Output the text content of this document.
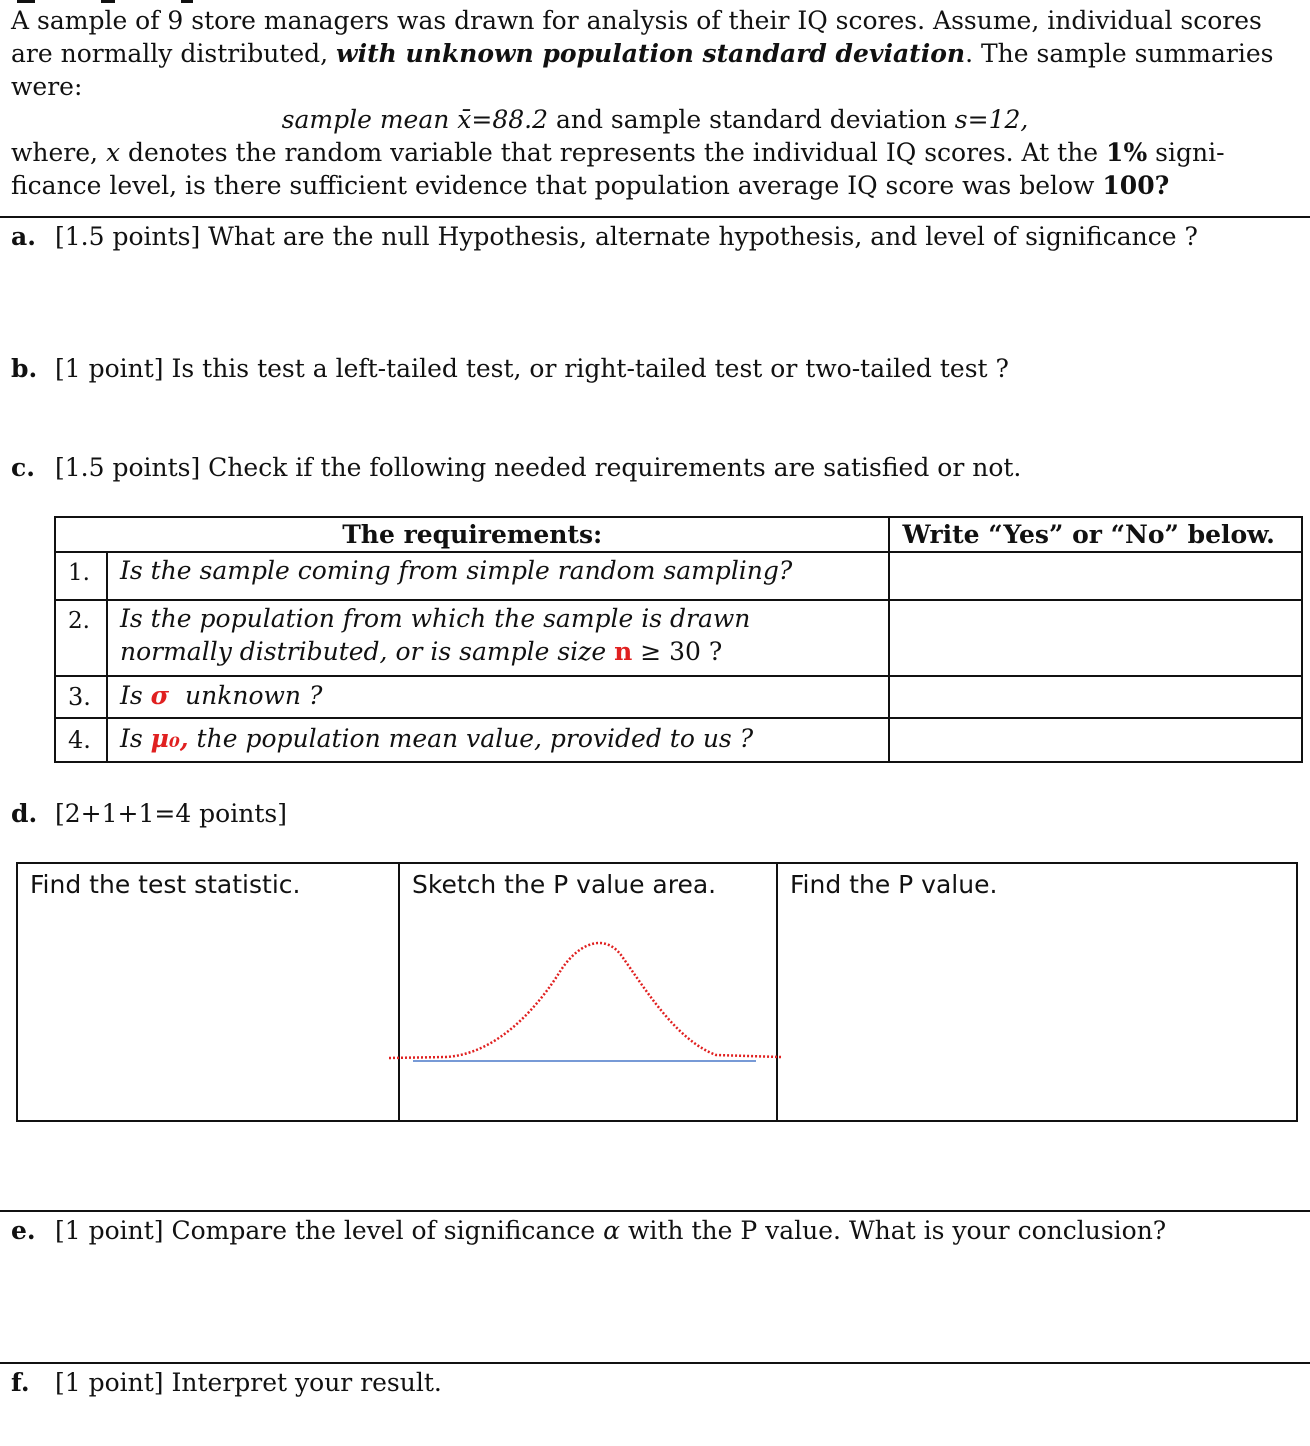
A sample of 9 store managers was drawn for analysis of their IQ scores. Assume, individual scores are normally distributed, with unknown population standard deviation. The sample summaries were:

sample mean x̄=88.2 and sample standard deviation s=12,

where, x denotes the random variable that represents the individual IQ scores. At the 1% signi-ficance level, is there sufficient evidence that population average IQ score was below 100?

a. [1.5 points] What are the null Hypothesis, alternate hypothesis, and level of significance ?
b. [1 point] Is this test a left-tailed test, or right-tailed test or two-tailed test ?
c. [1.5 points] Check if the following needed requirements are satisfied or not.
The requirements:		Write “Yes” or “No” below.
1.	Is the sample coming from simple random sampling?	
2.	Is the population from which the sample is drawn
normally distributed, or is sample size n ≥ 30 ?	

3.	Is σ  unknown ?	
4.	Is μ₀, the population mean value, provided to us ?	
d. [2+1+1=4 points]
Find the test statistic.	Sketch the P value area.	Find the P value.
e. [1 point] Compare the level of significance α with the P value. What is your conclusion?
f. [1 point] Interpret your result.
